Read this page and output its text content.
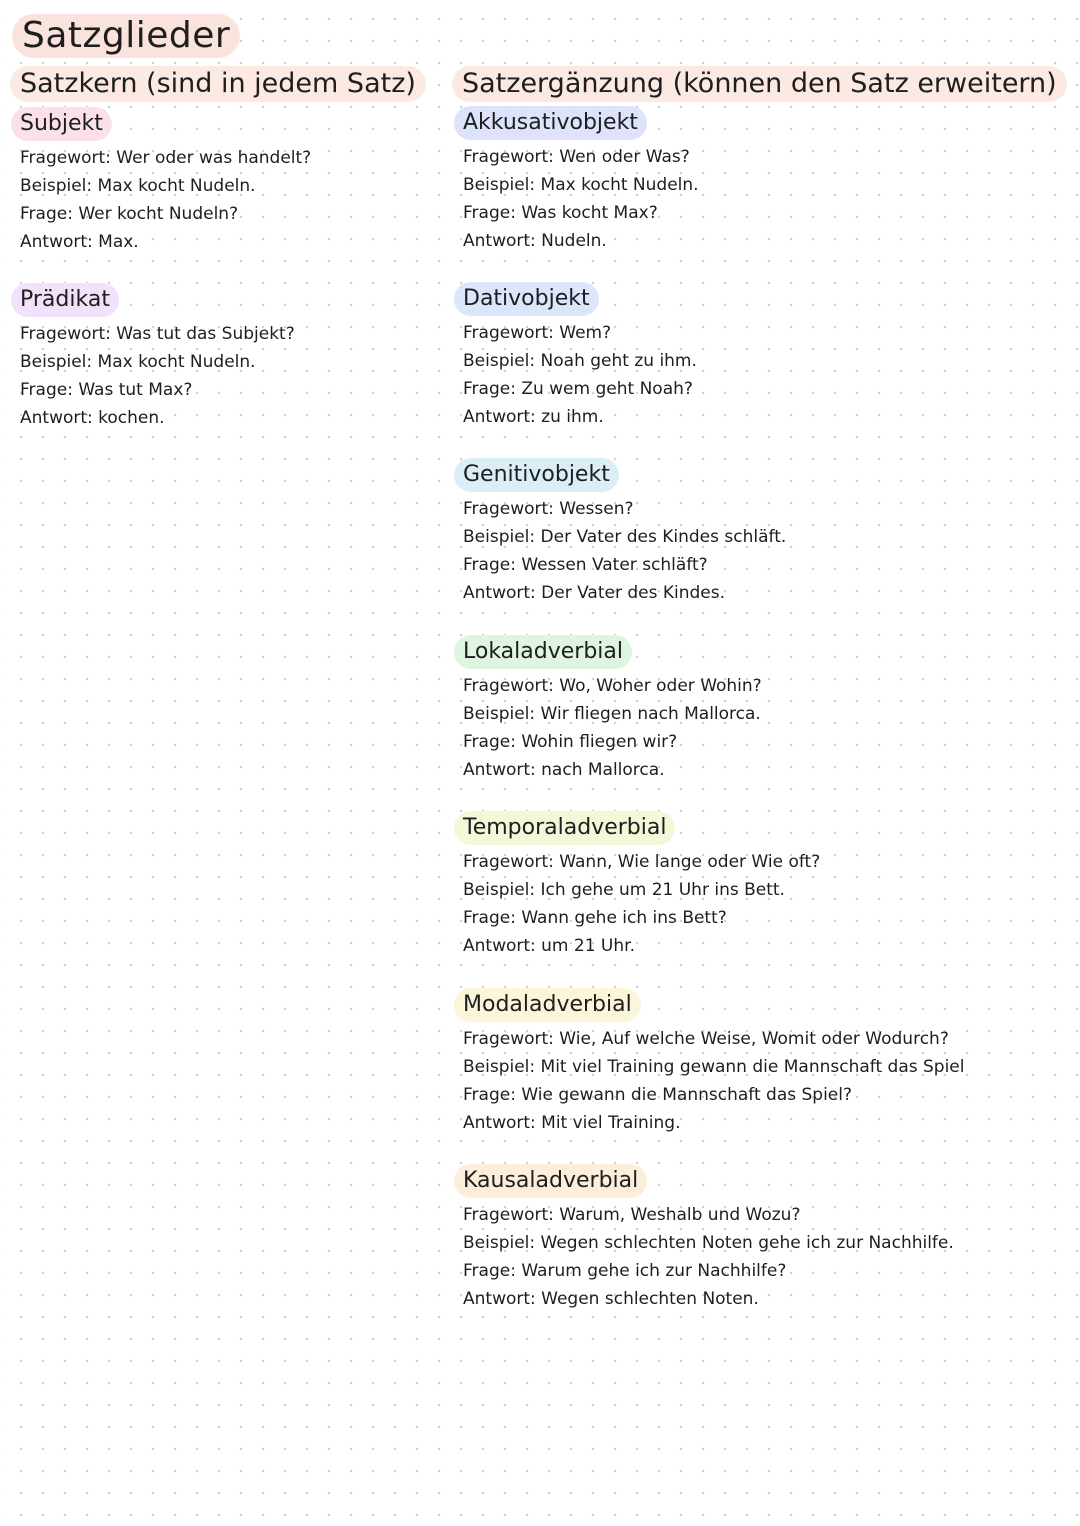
Satzglieder
Satzkern (sind in jedem Satz)	Satzergänzung (können den Satz erweitern)
Subjekt
Fragewort: Wer oder was handelt?
Beispiel: Max kocht Nudeln.
Frage: Wer kocht Nudeln?
Antwort: Max.
Prädikat
Fragewort: Was tut das Subjekt?
Beispiel: Max kocht Nudeln.
Frage: Was tut Max?
Antwort: kochen.
Akkusativobjekt
Fragewort: Wen oder Was?
Beispiel: Max kocht Nudeln.
Frage: Was kocht Max?
Antwort: Nudeln.
Dativobjekt
Fragewort: Wem?
Beispiel: Noah geht zu ihm.
Frage: Zu wem geht Noah?
Antwort: zu ihm.
Genitivobjekt
Fragewort: Wessen?
Beispiel: Der Vater des Kindes schläft.
Frage: Wessen Vater schläft?
Antwort: Der Vater des Kindes.
Lokaladverbial
Fragewort: Wo, Woher oder Wohin?
Beispiel: Wir fliegen nach Mallorca.
Frage: Wohin fliegen wir?
Antwort: nach Mallorca.
Temporaladverbial
Fragewort: Wann, Wie lange oder Wie oft?
Beispiel: Ich gehe um 21 Uhr ins Bett.
Frage: Wann gehe ich ins Bett?
Antwort: um 21 Uhr.
Modaladverbial
Fragewort: Wie, Auf welche Weise, Womit oder Wodurch?
Beispiel: Mit viel Training gewann die Mannschaft das Spiel
Frage: Wie gewann die Mannschaft das Spiel?
Antwort: Mit viel Training.
Kausaladverbial
Fragewort: Warum, Weshalb und Wozu?
Beispiel: Wegen schlechten Noten gehe ich zur Nachhilfe.
Frage: Warum gehe ich zur Nachhilfe?
Antwort: Wegen schlechten Noten.
